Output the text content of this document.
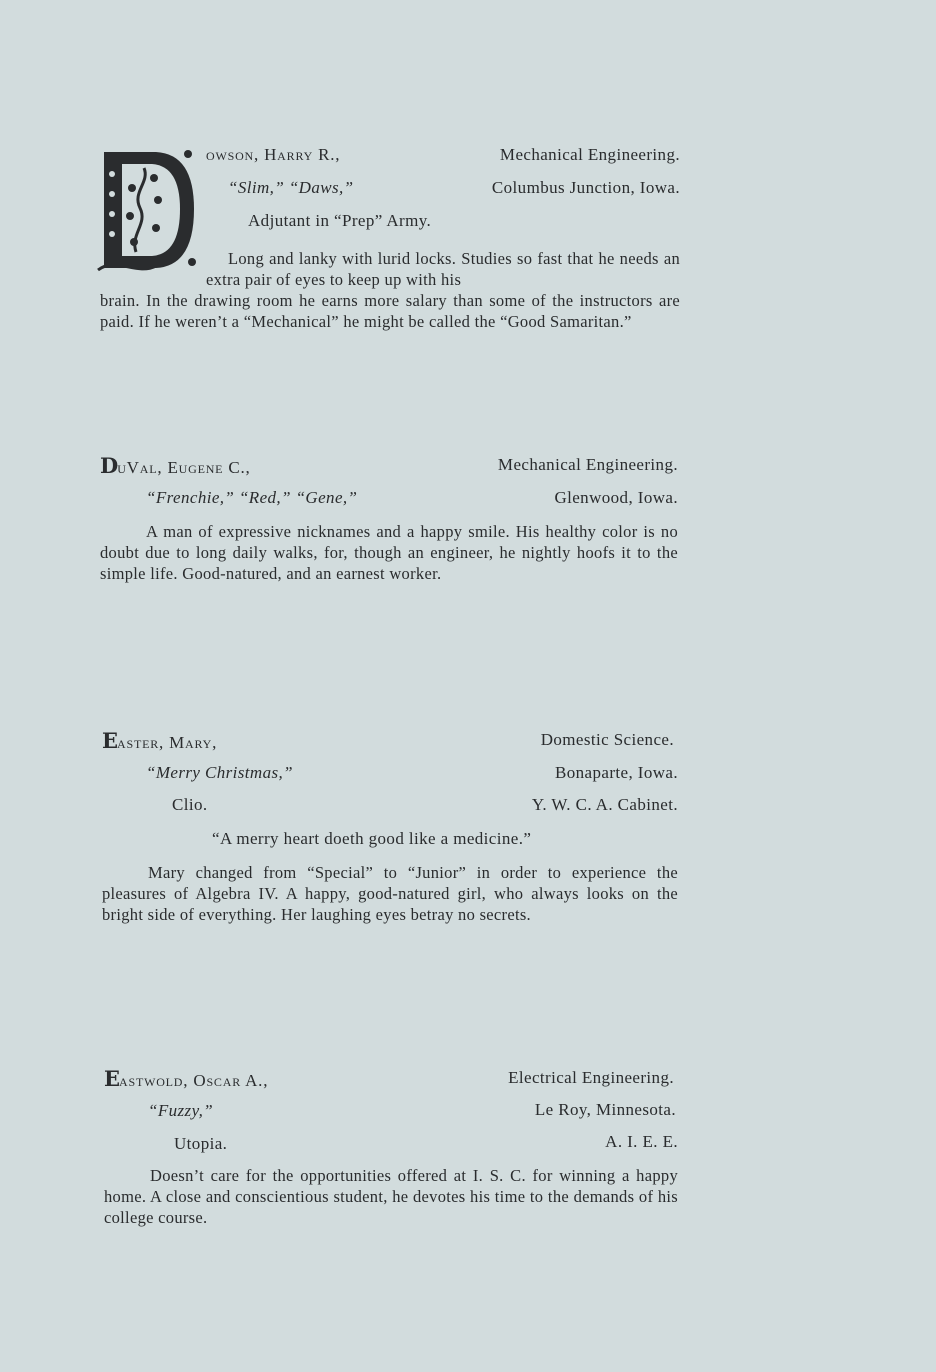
owson, Harry R.,	Mechanical Engineering.
“Slim,” “Daws,”	Columbus Junction, Iowa.
Adjutant in “Prep” Army.
Long and lanky with lurid locks. Studies so fast that he needs an extra pair of eyes to keep up with his
brain. In the drawing room he earns more salary than some of the instructors are paid. If he weren’t a “Mechanical” he might be called the “Good Samaritan.”
DuVal, Eugene C.,	Mechanical Engineering.
“Frenchie,” “Red,” “Gene,”	Glenwood, Iowa.
A man of expressive nicknames and a happy smile. His healthy color is no doubt due to long daily walks, for, though an engineer, he nightly hoofs it to the simple life. Good-natured, and an earnest worker.
Easter, Mary,	Domestic Science.
“Merry Christmas,”	Bonaparte, Iowa.
Clio.	Y. W. C. A. Cabinet.
“A merry heart doeth good like a medicine.”
Mary changed from “Special” to “Junior” in order to experience the pleasures of Algebra IV. A happy, good-natured girl, who always looks on the bright side of everything. Her laughing eyes betray no secrets.
Eastwold, Oscar A.,	Electrical Engineering.
“Fuzzy,”	Le Roy, Minnesota.
Utopia.	A. I. E. E.
Doesn’t care for the opportunities offered at I. S. C. for winning a happy home. A close and conscientious student, he devotes his time to the demands of his college course.
